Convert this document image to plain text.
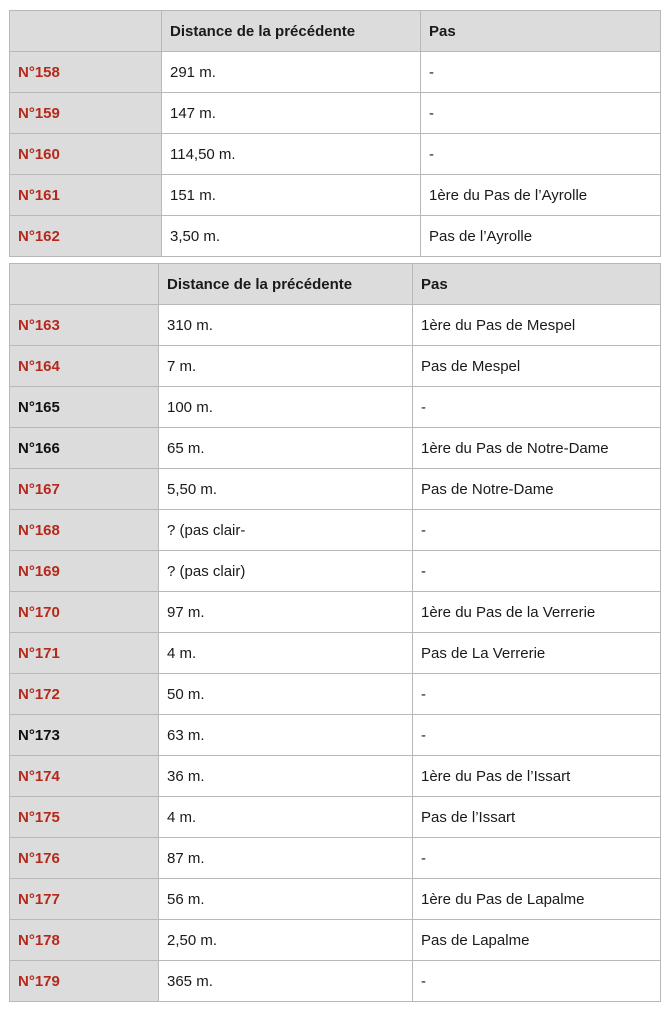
	Distance de la précédente	Pas
N°158	291 m.	-
N°159	147 m.	-
N°160	114,50 m.	-
N°161	151 m.	1ère du Pas de l’Ayrolle
N°162	3,50 m.	Pas de l’Ayrolle
	Distance de la précédente	Pas
N°163	310 m.	1ère du Pas de Mespel
N°164	7 m.	Pas de Mespel
N°165	100 m.	-
N°166	65 m.	1ère du Pas de Notre-Dame
N°167	5,50 m.	Pas de Notre-Dame
N°168	? (pas clair-	-
N°169	? (pas clair)	-
N°170	97 m.	1ère du Pas de la Verrerie
N°171	4 m.	Pas de La Verrerie
N°172	50 m.	-
N°173	63 m.	-
N°174	36 m.	1ère du Pas de l’Issart
N°175	4 m.	Pas de l’Issart
N°176	87 m.	-
N°177	56 m.	1ère du Pas de Lapalme
N°178	2,50 m.	Pas de Lapalme
N°179	365 m.	-
